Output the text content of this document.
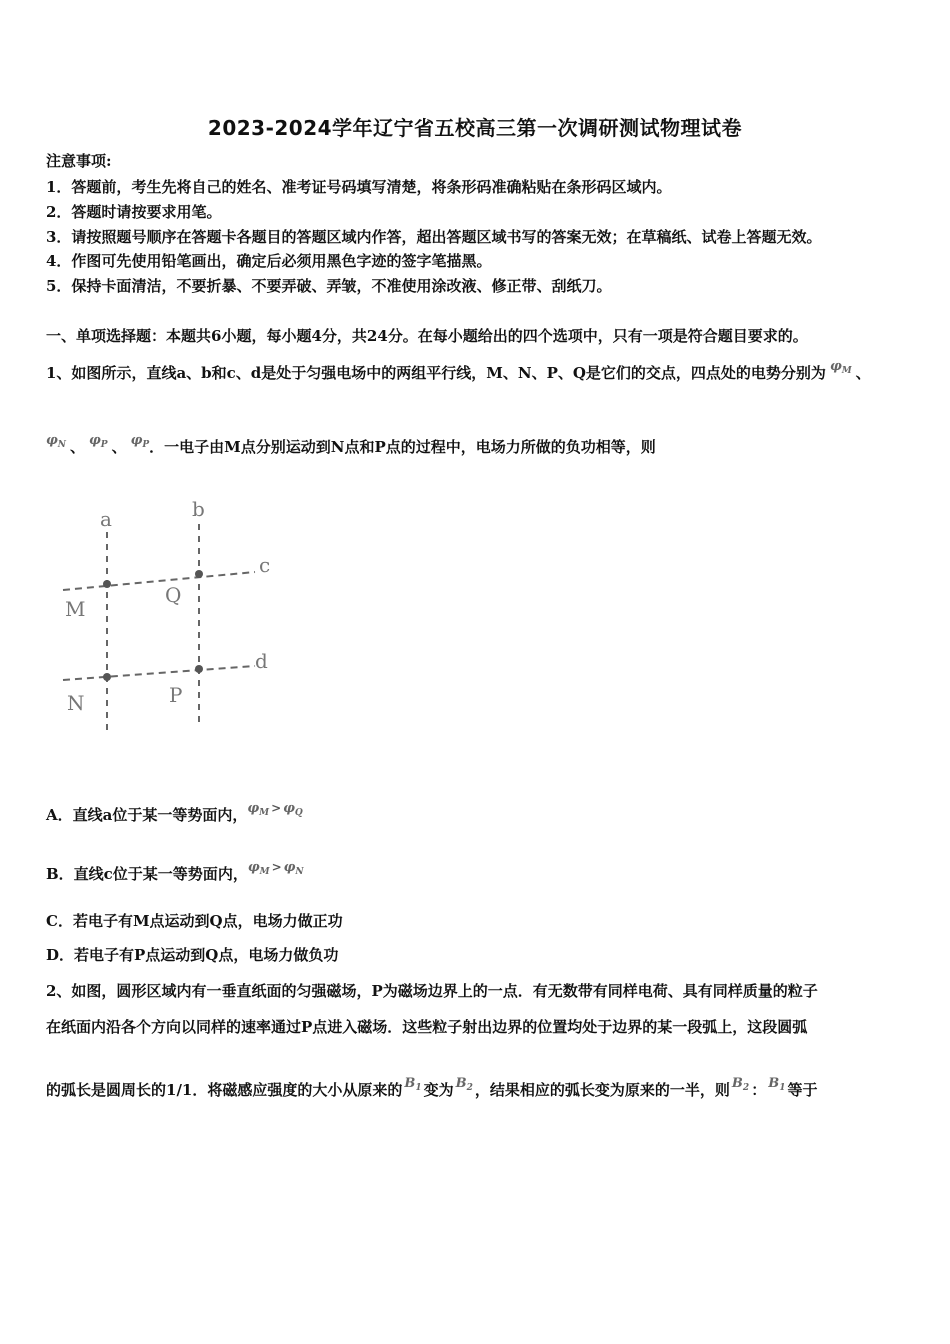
2023-2024学年辽宁省五校高三第一次调研测试物理试卷
注意事项:
1．答题前，考生先将自己的姓名、准考证号码填写清楚，将条形码准确粘贴在条形码区域内。
2．答题时请按要求用笔。
3．请按照题号顺序在答题卡各题目的答题区域内作答，超出答题区域书写的答案无效；在草稿纸、试卷上答题无效。
4．作图可先使用铅笔画出，确定后必须用黑色字迹的签字笔描黑。
5．保持卡面清洁，不要折暴、不要弄破、弄皱，不准使用涂改液、修正带、刮纸刀。
一、单项选择题：本题共6小题，每小题4分，共24分。在每小题给出的四个选项中，只有一项是符合题目要求的。
1、如图所示，直线a、b和c、d是处于匀强电场中的两组平行线，M、N、P、Q是它们的交点，四点处的电势分别为 $\varphi_M$ 、
$\varphi_N$ 、 $\varphi_P$ 、 $\varphi_P$．一电子由M点分别运动到N点和P点的过程中，电场力所做的负功相等，则
a	b
c
d
M
Q
N	P
A．直线a位于某一等势面内，$\varphi_M > \varphi_Q$
B．直线c位于某一等势面内，$\varphi_M > \varphi_N$
C．若电子有M点运动到Q点，电场力做正功
D．若电子有P点运动到Q点，电场力做负功
2、如图，圆形区域内有一垂直纸面的匀强磁场，P为磁场边界上的一点．有无数带有同样电荷、具有同样质量的粒子
在纸面内沿各个方向以同样的速率通过P点进入磁场．这些粒子射出边界的位置均处于边界的某一段弧上，这段圆弧
的弧长是圆周长的1/1．将磁感应强度的大小从原来的 $B_1$ 变为 $B_2$ ，结果相应的弧长变为原来的一半，则 $B_2$ ： $B_1$ 等于
